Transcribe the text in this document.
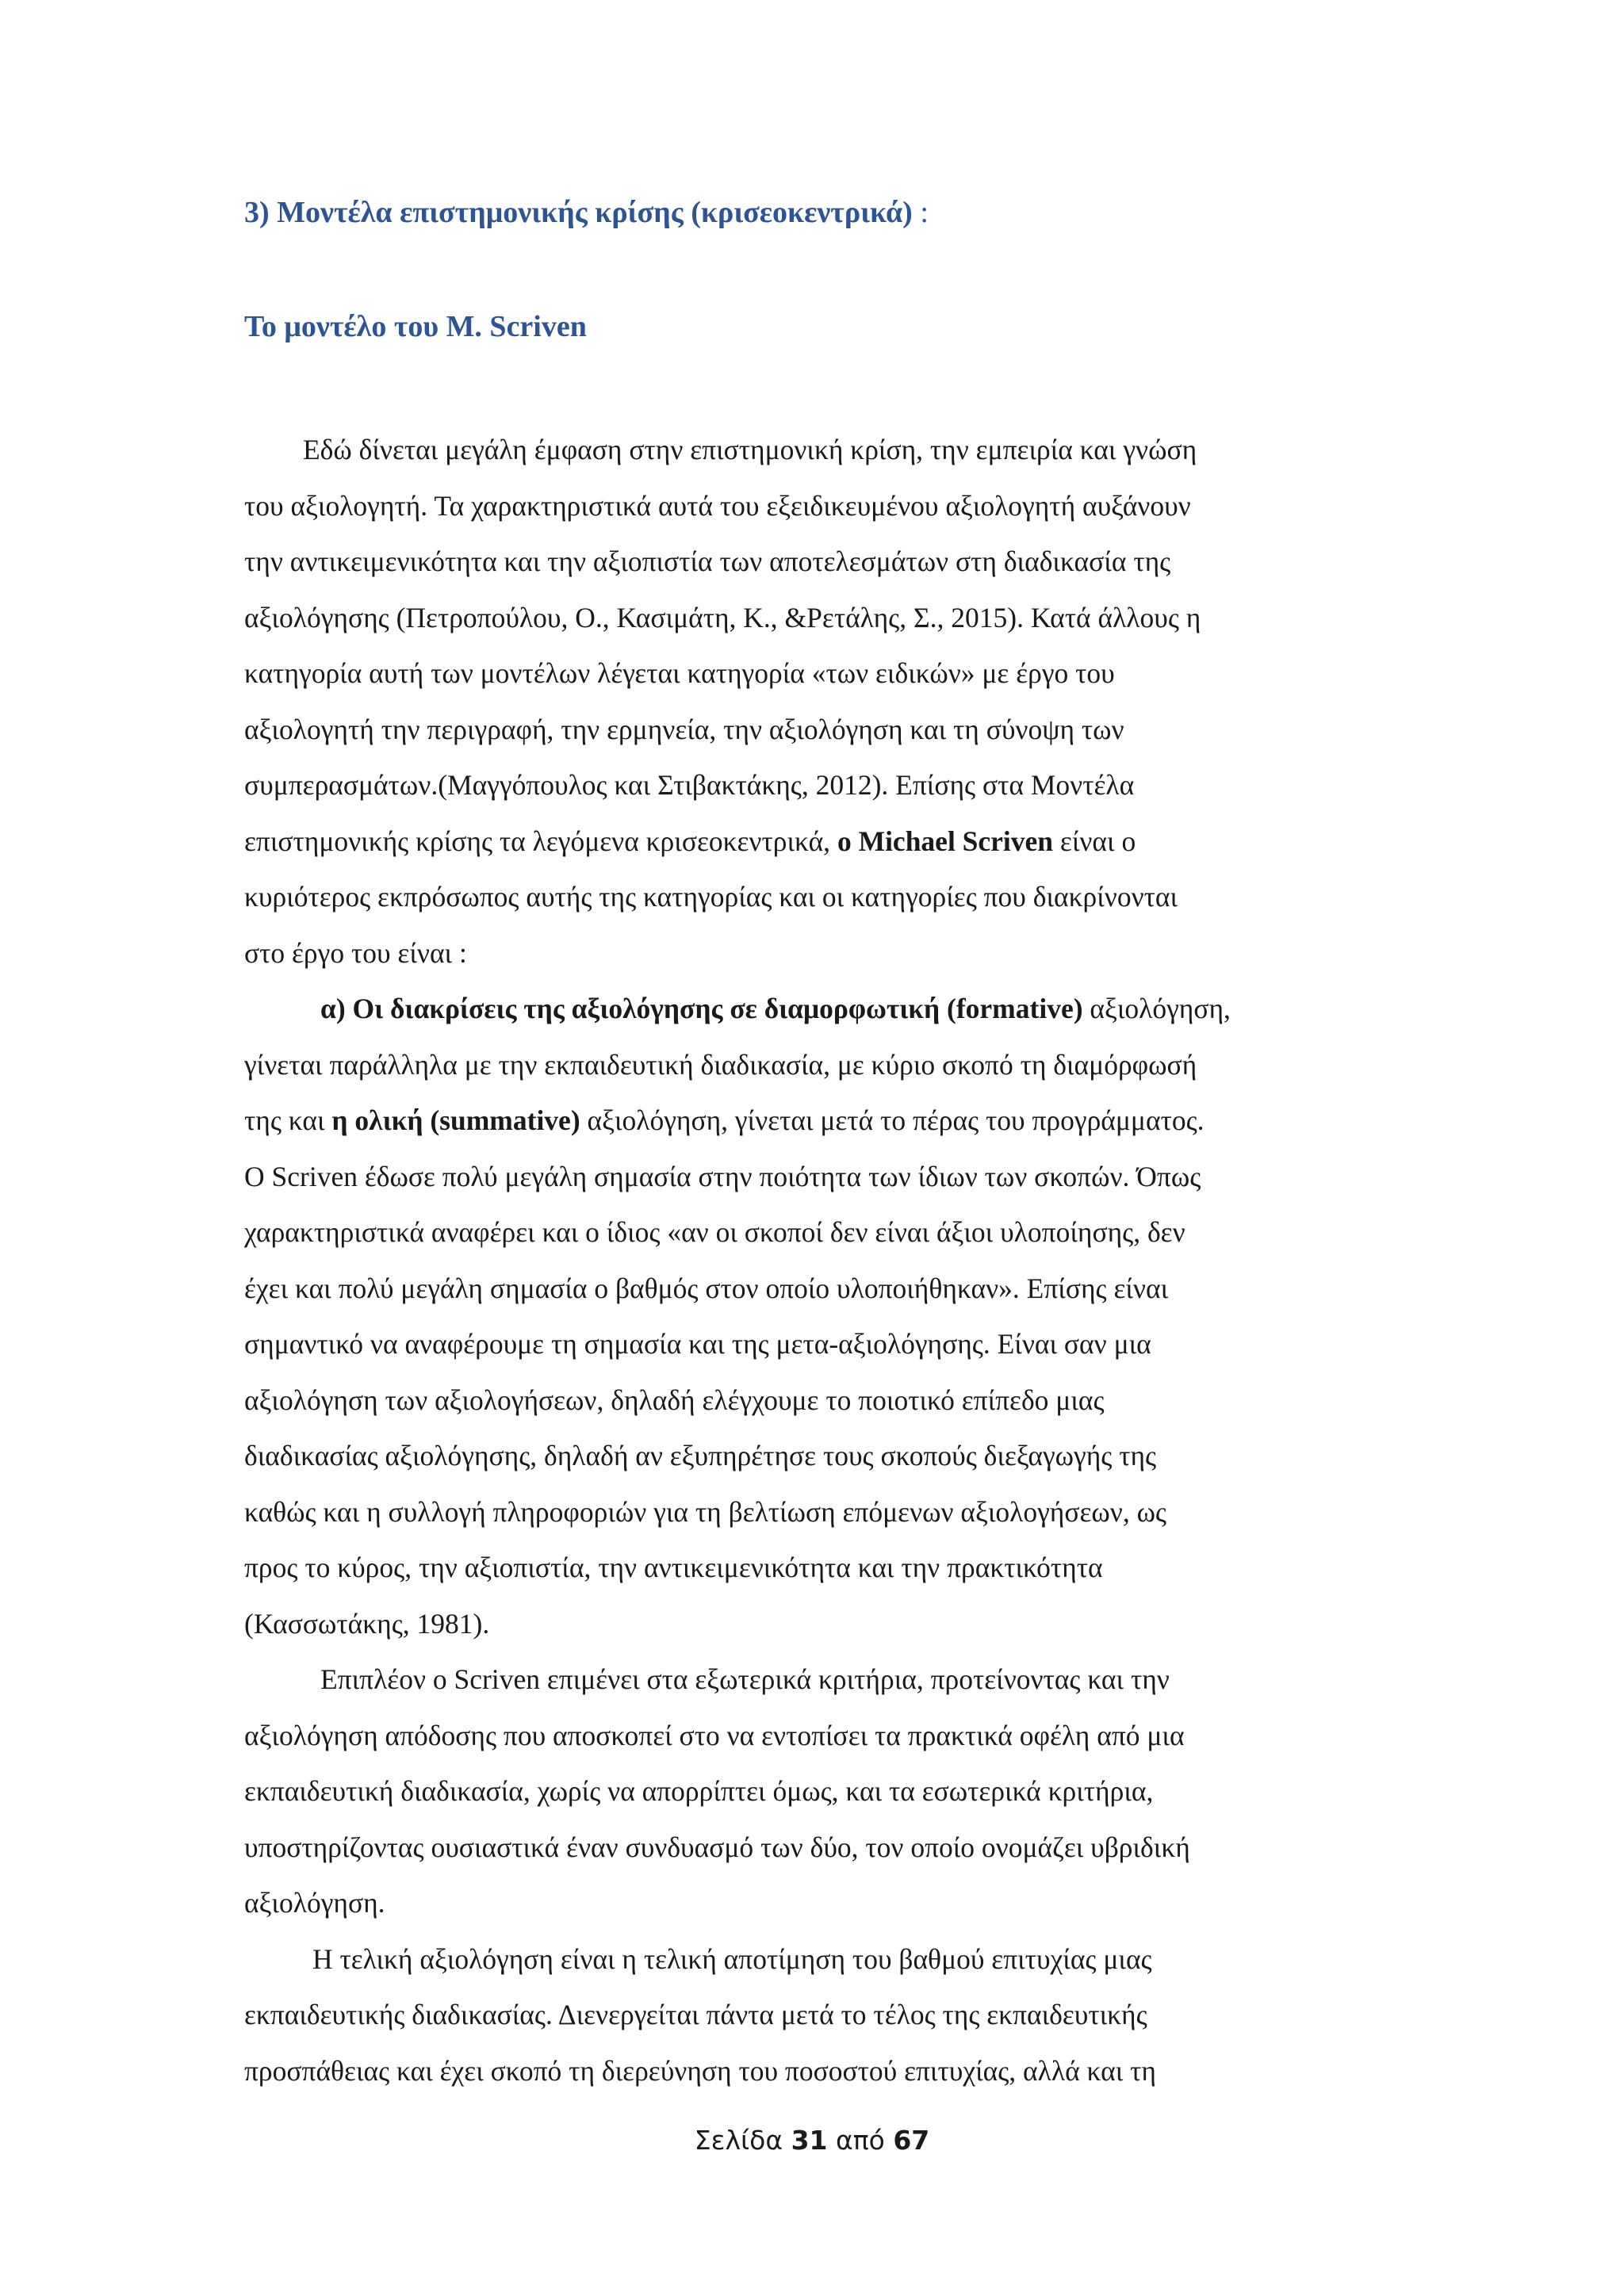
3) Μοντέλα επιστημονικής κρίσης (κρισεοκεντρικά) :
Το μοντέλο του M. Scriven
Εδώ δίνεται μεγάλη έμφαση στην επιστημονική κρίση, την εμπειρία και γνώση
του αξιολογητή. Τα χαρακτηριστικά αυτά του εξειδικευμένου αξιολογητή αυξάνουν
την αντικειμενικότητα και την αξιοπιστία των αποτελεσμάτων στη διαδικασία της
αξιολόγησης (Πετροπούλου, Ο., Κασιμάτη, Κ., &Ρετάλης, Σ., 2015). Κατά άλλους η
κατηγορία αυτή των μοντέλων λέγεται κατηγορία «των ειδικών» με έργο του
αξιολογητή την περιγραφή, την ερμηνεία, την αξιολόγηση και τη σύνοψη των
συμπερασμάτων.(Μαγγόπουλος και Στιβακτάκης, 2012). Επίσης στα Μοντέλα
επιστημονικής κρίσης τα λεγόμενα κρισεοκεντρικά, ο Michael Scriven είναι ο
κυριότερος εκπρόσωπος αυτής της κατηγορίας και οι κατηγορίες που διακρίνονται
στο έργο του είναι :
α) Οι διακρίσεις της αξιολόγησης σε διαμορφωτική (formative) αξιολόγηση,
γίνεται παράλληλα με την εκπαιδευτική διαδικασία, με κύριο σκοπό τη διαμόρφωσή
της και η ολική (summative) αξιολόγηση, γίνεται μετά το πέρας του προγράμματος.
Ο Scriven έδωσε πολύ μεγάλη σημασία στην ποιότητα των ίδιων των σκοπών. Όπως
χαρακτηριστικά αναφέρει και ο ίδιος «αν οι σκοποί δεν είναι άξιοι υλοποίησης, δεν
έχει και πολύ μεγάλη σημασία ο βαθμός στον οποίο υλοποιήθηκαν». Επίσης είναι
σημαντικό να αναφέρουμε τη σημασία και της μετα-αξιολόγησης. Είναι σαν μια
αξιολόγηση των αξιολογήσεων, δηλαδή ελέγχουμε το ποιοτικό επίπεδο μιας
διαδικασίας αξιολόγησης, δηλαδή αν εξυπηρέτησε τους σκοπούς διεξαγωγής της
καθώς και η συλλογή πληροφοριών για τη βελτίωση επόμενων αξιολογήσεων, ως
προς το κύρος, την αξιοπιστία, την αντικειμενικότητα και την πρακτικότητα
(Κασσωτάκης, 1981).
Επιπλέον ο Scriven επιμένει στα εξωτερικά κριτήρια, προτείνοντας και την
αξιολόγηση απόδοσης που αποσκοπεί στο να εντοπίσει τα πρακτικά οφέλη από μια
εκπαιδευτική διαδικασία, χωρίς να απορρίπτει όμως, και τα εσωτερικά κριτήρια,
υποστηρίζοντας ουσιαστικά έναν συνδυασμό των δύο, τον οποίο ονομάζει υβριδική
αξιολόγηση.
Η τελική αξιολόγηση είναι η τελική αποτίμηση του βαθμού επιτυχίας μιας
εκπαιδευτικής διαδικασίας. Διενεργείται πάντα μετά το τέλος της εκπαιδευτικής
προσπάθειας και έχει σκοπό τη διερεύνηση του ποσοστού επιτυχίας, αλλά και τη
Σελίδα 31 από 67
